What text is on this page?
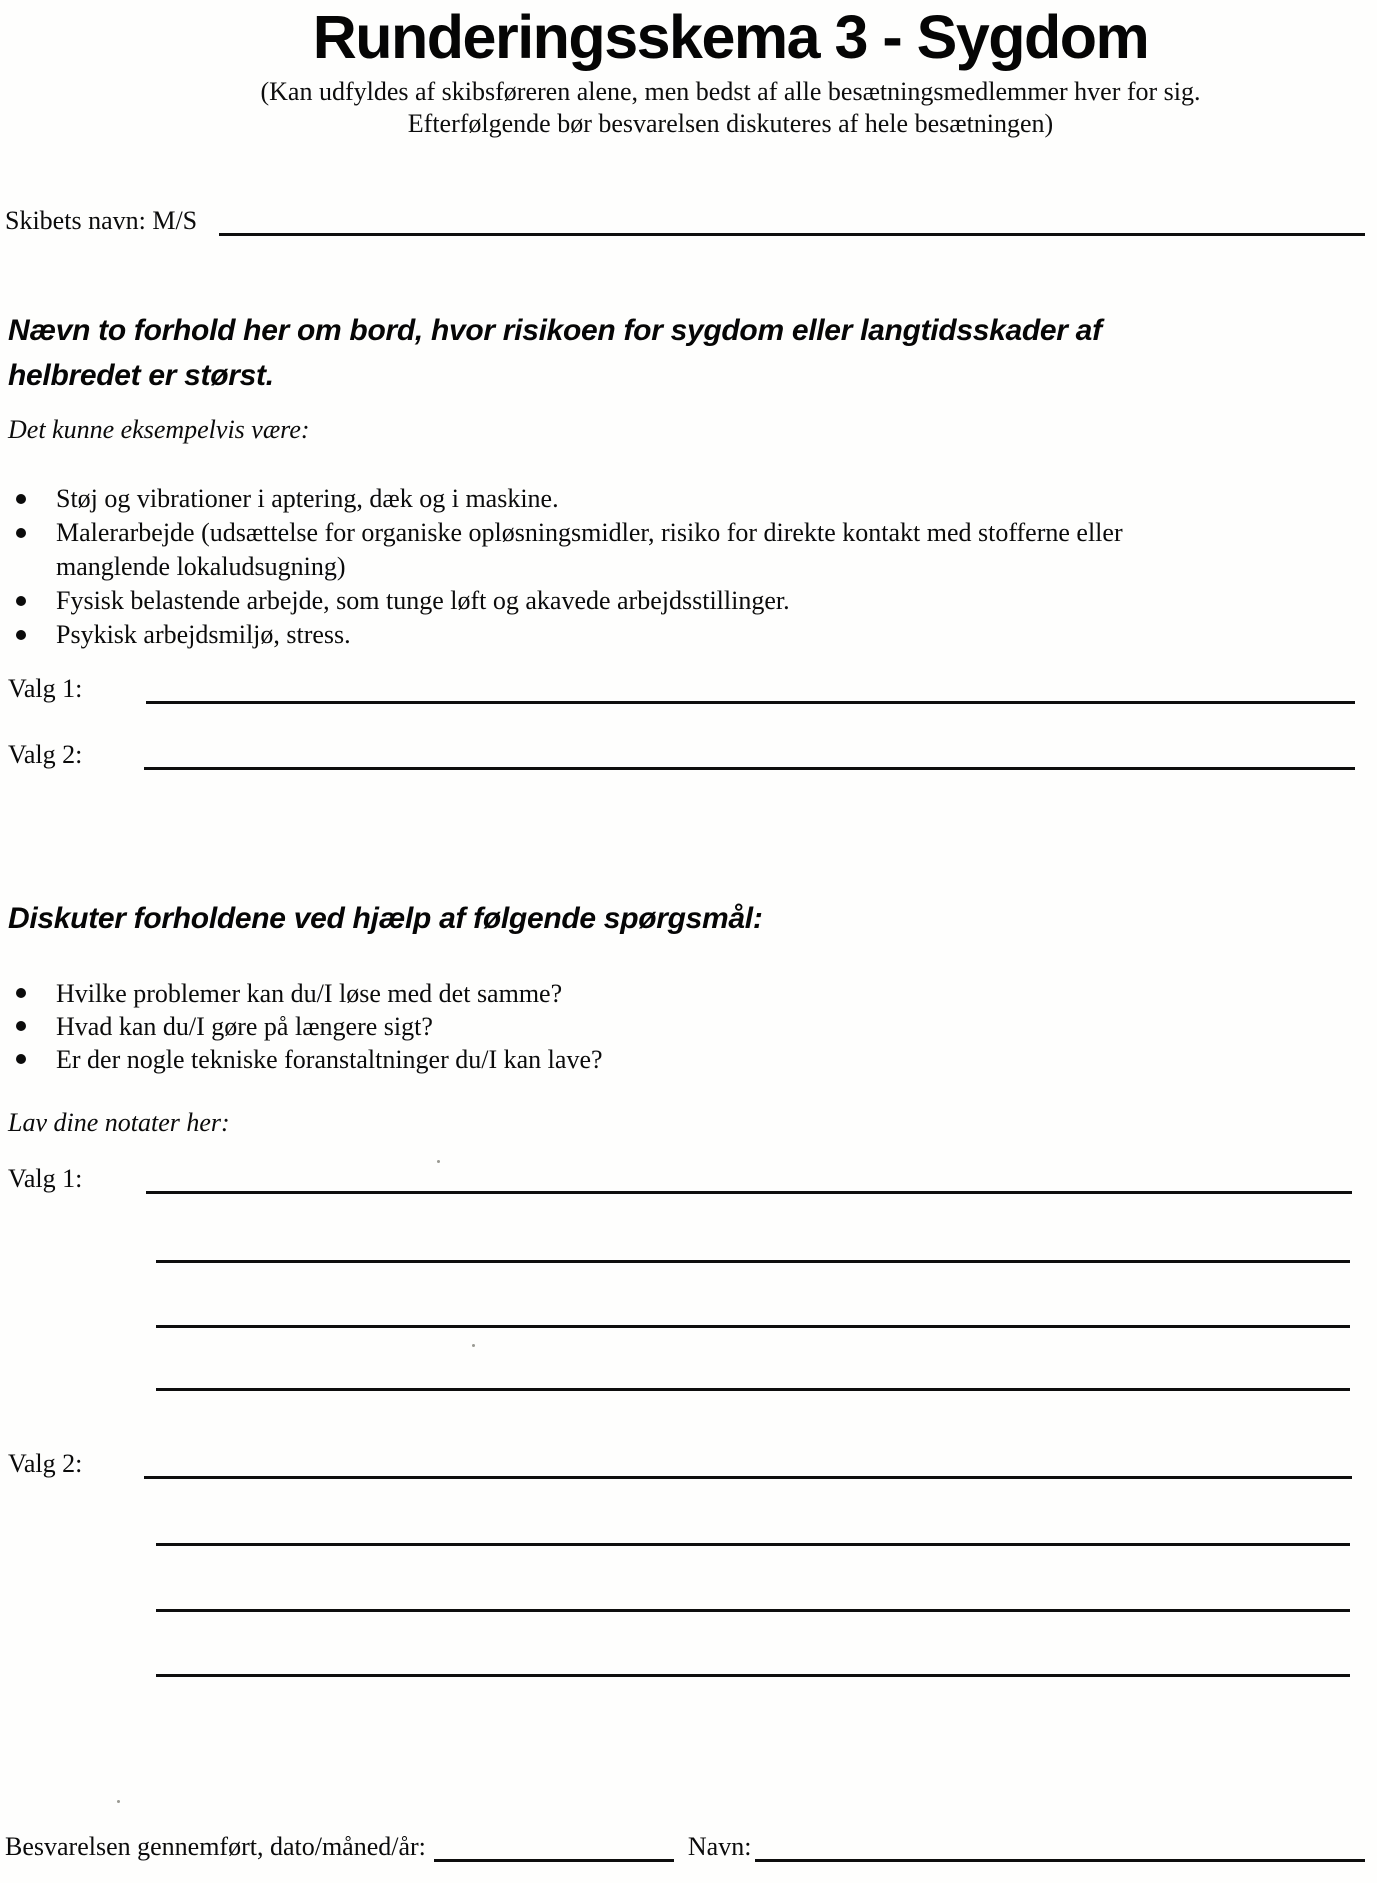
Runderingsskema 3 - Sygdom
(Kan udfyldes af skibsføreren alene, men bedst af alle besætningsmedlemmer hver for sig.
Efterfølgende bør besvarelsen diskuteres af hele besætningen)
Skibets navn: M/S
Nævn to forhold her om bord, hvor risikoen for sygdom eller langtidsskader af
helbredet er størst.
Det kunne eksempelvis være:
Støj og vibrationer i aptering, dæk og i maskine.
Malerarbejde (udsættelse for organiske opløsningsmidler, risiko for direkte kontakt med stofferne eller
manglende lokaludsugning)
Fysisk belastende arbejde, som tunge løft og akavede arbejdsstillinger.
Psykisk arbejdsmiljø, stress.
Valg 1:
Valg 2:
Diskuter forholdene ved hjælp af følgende spørgsmål:
Hvilke problemer kan du/I løse med det samme?
Hvad kan du/I gøre på længere sigt?
Er der nogle tekniske foranstaltninger du/I kan lave?
Lav dine notater her:
Valg 1:
Valg 2:
Besvarelsen gennemført, dato/måned/år:	Navn:
